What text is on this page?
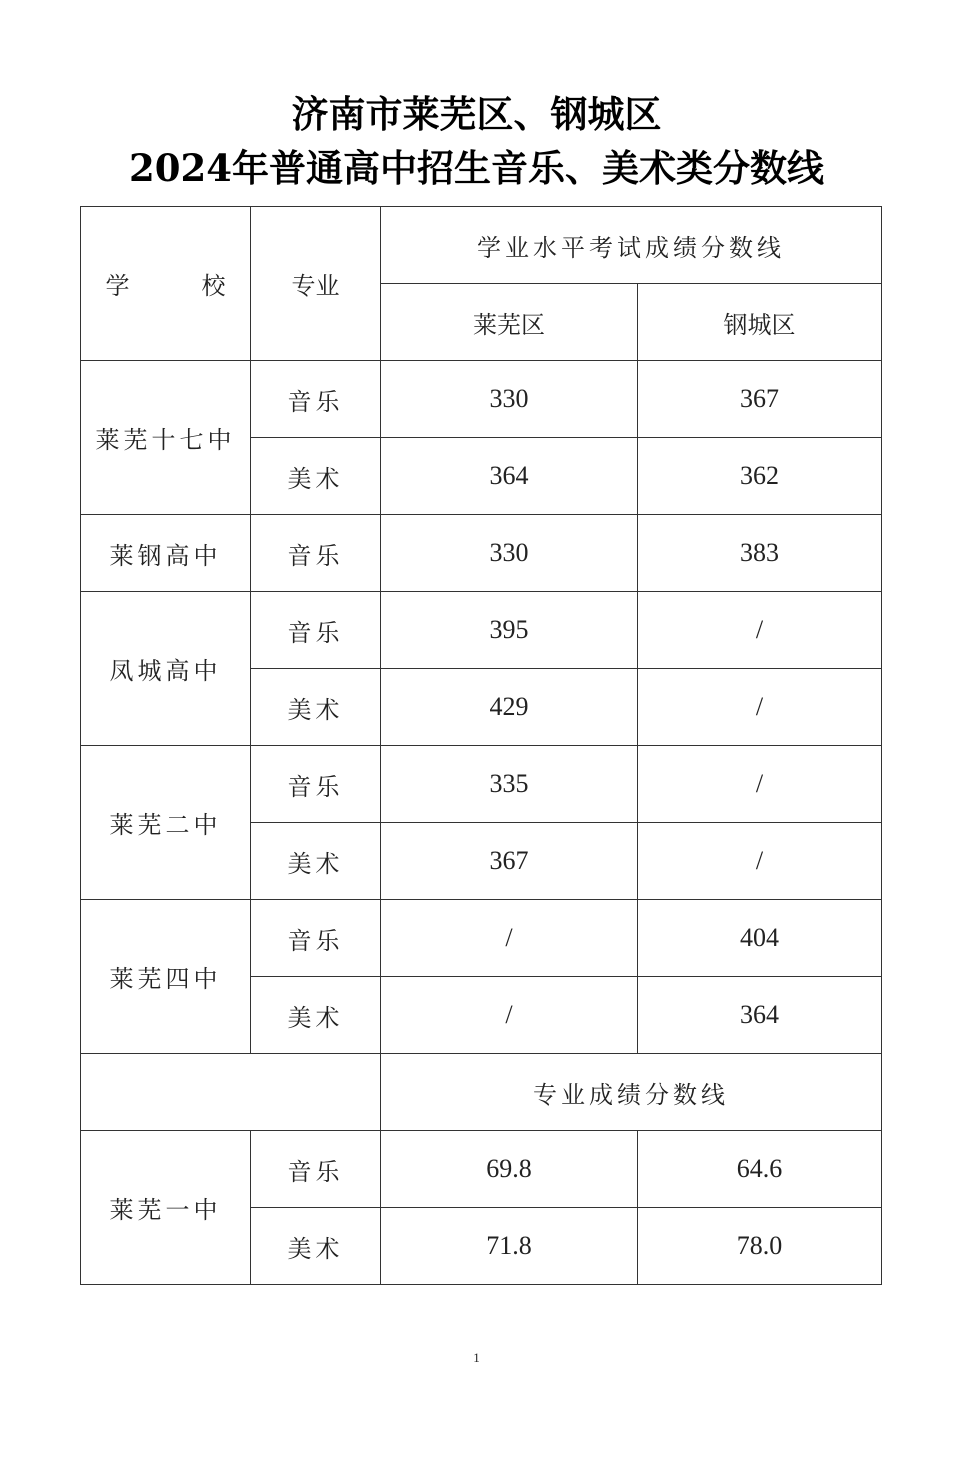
济南市莱芜区、钢城区
2024年普通高中招生音乐、美术类分数线
学　　　校	专业	学业水平考试成绩分数线	
		莱芜区	钢城区
莱芜十七中	音乐	330	367
	美术	364	362
莱钢高中	音乐	330	383
凤城高中	音乐	395	/
	美术	429	/
莱芜二中	音乐	335	/
	美术	367	/
莱芜四中	音乐	/	404
	美术	/	364
		专业成绩分数线	
莱芜一中	音乐	69.8	64.6
	美术	71.8	78.0
1
